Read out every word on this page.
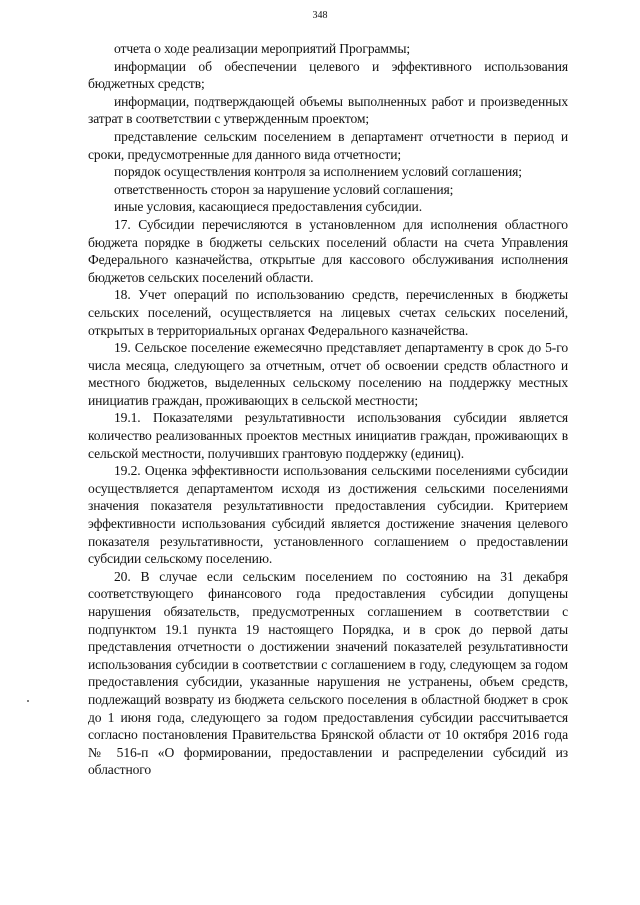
348

отчета о ходе реализации мероприятий Программы;

информации об обеспечении целевого и эффективного использования бюджетных средств;

информации, подтверждающей объемы выполненных работ и произведенных затрат в соответствии с утвержденным проектом;

представление сельским поселением в департамент отчетности в период и сроки, предусмотренные для данного вида отчетности;

порядок осуществления контроля за исполнением условий соглашения;

ответственность сторон за нарушение условий соглашения;

иные условия, касающиеся предоставления субсидии.

17. Субсидии перечисляются в установленном для исполнения областного бюджета порядке в бюджеты сельских поселений области на счета Управления Федерального казначейства, открытые для кассового обслуживания исполнения бюджетов сельских поселений области.

18. Учет операций по использованию средств, перечисленных в бюджеты сельских поселений, осуществляется на лицевых счетах сельских поселений, открытых в территориальных органах Федерального казначейства.

19. Сельское поселение ежемесячно представляет департаменту в срок до 5-го числа месяца, следующего за отчетным, отчет об освоении средств областного и местного бюджетов, выделенных сельскому поселению на поддержку местных инициатив граждан, проживающих в сельской местности;

19.1. Показателями результативности использования субсидии является количество реализованных проектов местных инициатив граждан, проживающих в сельской местности, получивших грантовую поддержку (единиц).

19.2. Оценка эффективности использования сельскими поселениями субсидии осуществляется департаментом исходя из достижения сельскими поселениями значения показателя результативности предоставления субсидии. Критерием эффективности использования субсидий является достижение значения целевого показателя результативности, установленного соглашением о предоставлении субсидии сельскому поселению.

20. В случае если сельским поселением по состоянию на 31 декабря соответствующего финансового года предоставления субсидии допущены нарушения обязательств, предусмотренных соглашением в соответствии с подпунктом 19.1 пункта 19 настоящего Порядка, и в срок до первой даты представления отчетности о достижении значений показателей результативности использования субсидии в соответствии с соглашением в году, следующем за годом предоставления субсидии, указанные нарушения не устранены, объем средств, подлежащий возврату из бюджета сельского поселения в областной бюджет в срок до 1 июня года, следующего за годом предоставления субсидии рассчитывается согласно постановления Правительства Брянской области от 10 октября 2016 года № 516-п «О формировании, предоставлении и распределении субсидий из областного
